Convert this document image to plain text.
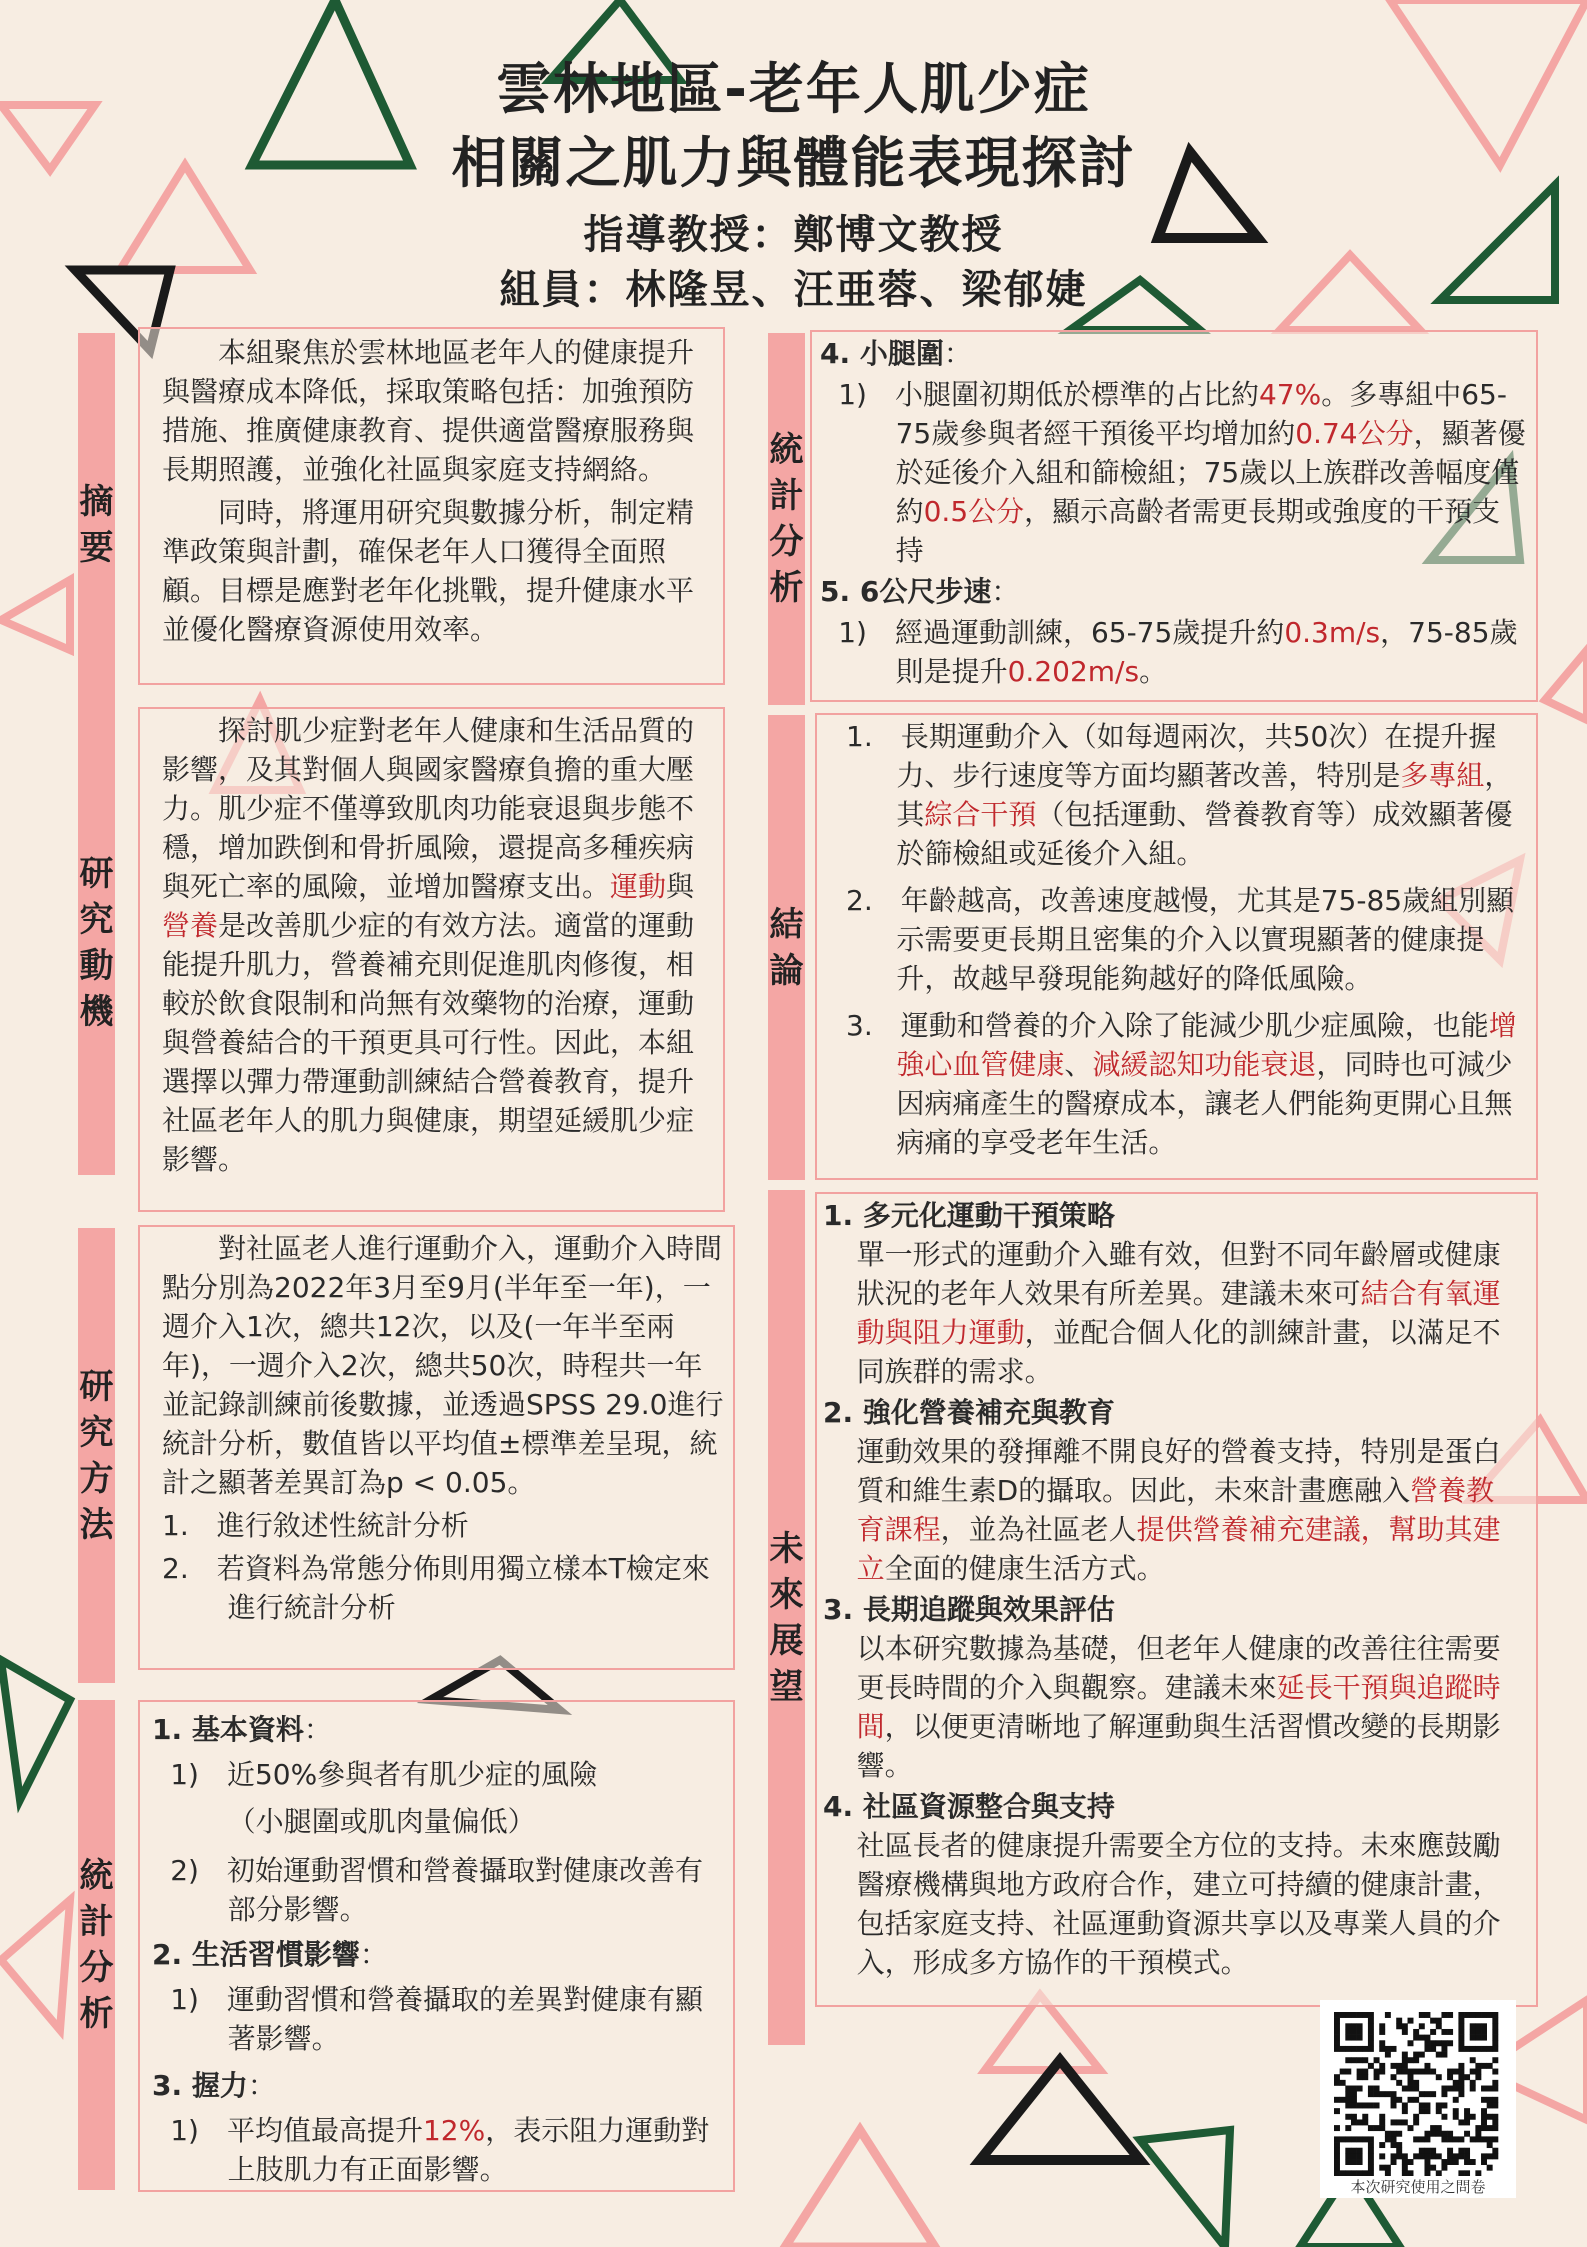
雲林地區-老年人肌少症
相關之肌力與體能表現探討
指導教授：鄭博文教授
組員：林隆昱、汪亜蓉、梁郁婕
摘
要

本組聚焦於雲林地區老年人的健康提升與醫療成本降低，採取策略包括：加強預防措施、推廣健康教育、提供適當醫療服務與長期照護，並強化社區與家庭支持網絡。

同時，將運用研究與數據分析，制定精準政策與計劃，確保老年人口獲得全面照顧。目標是應對老年化挑戰，提升健康水平並優化醫療資源使用效率。

研
究
動
機

探討肌少症對老年人健康和生活品質的影響，及其對個人與國家醫療負擔的重大壓力。肌少症不僅導致肌肉功能衰退與步態不穩，增加跌倒和骨折風險，還提高多種疾病與死亡率的風險，並增加醫療支出。運動與營養是改善肌少症的有效方法。適當的運動能提升肌力，營養補充則促進肌肉修復，相較於飲食限制和尚無有效藥物的治療，運動與營養結合的干預更具可行性。因此，本組選擇以彈力帶運動訓練結合營養教育，提升社區老年人的肌力與健康，期望延緩肌少症影響。

研
究
方
法

對社區老人進行運動介入，運動介入時間點分別為2022年3月至9月(半年至一年)，一週介入1次，總共12次，以及(一年半至兩年)，一週介入2次，總共50次，時程共一年並記錄訓練前後數據，並透過SPSS 29.0進行統計分析，數值皆以平均值±標準差呈現，統計之顯著差異訂為p < 0.05。

1.　進行敘述性統計分析

2.　若資料為常態分佈則用獨立樣本T檢定來進行統計分析

統
計
分
析

1. 基本資料：

1)　近50%參與者有肌少症的風險

（小腿圍或肌肉量偏低）

2)　初始運動習慣和營養攝取對健康改善有部分影響。

2. 生活習慣影響：

1)　運動習慣和營養攝取的差異對健康有顯著影響。

3. 握力：

1)　平均值最高提升12%，表示阻力運動對上肢肌力有正面影響。

統
計
分
析

4. 小腿圍：

1)　小腿圍初期低於標準的占比約47%。多專組中65-75歲參與者經干預後平均增加約0.74公分，顯著優於延後介入組和篩檢組；75歲以上族群改善幅度僅約0.5公分，顯示高齡者需更長期或強度的干預支持

5. 6公尺步速：

1)　經過運動訓練，65-75歲提升約0.3m/s，75-85歲則是提升0.202m/s。

結
論

1.　長期運動介入（如每週兩次，共50次）在提升握力、步行速度等方面均顯著改善，特別是多專組，其綜合干預（包括運動、營養教育等）成效顯著優於篩檢組或延後介入組。

2.　年齡越高，改善速度越慢，尤其是75-85歲組別顯示需要更長期且密集的介入以實現顯著的健康提升，故越早發現能夠越好的降低風險。

3.　運動和營養的介入除了能減少肌少症風險，也能增強心血管健康、減緩認知功能衰退，同時也可減少因病痛產生的醫療成本，讓老人們能夠更開心且無病痛的享受老年生活。

未
來
展
望

1. 多元化運動干預策略

單一形式的運動介入雖有效，但對不同年齡層或健康狀況的老年人效果有所差異。建議未來可結合有氧運動與阻力運動，並配合個人化的訓練計畫，以滿足不同族群的需求。

2. 強化營養補充與教育

運動效果的發揮離不開良好的營養支持，特別是蛋白質和維生素D的攝取。因此，未來計畫應融入營養教育課程，並為社區老人提供營養補充建議，幫助其建立全面的健康生活方式。

3. 長期追蹤與效果評估

以本研究數據為基礎，但老年人健康的改善往往需要更長時間的介入與觀察。建議未來延長干預與追蹤時間，以便更清晰地了解運動與生活習慣改變的長期影響。

4. 社區資源整合與支持

社區長者的健康提升需要全方位的支持。未來應鼓勵醫療機構與地方政府合作，建立可持續的健康計畫，包括家庭支持、社區運動資源共享以及專業人員的介入，形成多方協作的干預模式。

本次研究使用之問卷
